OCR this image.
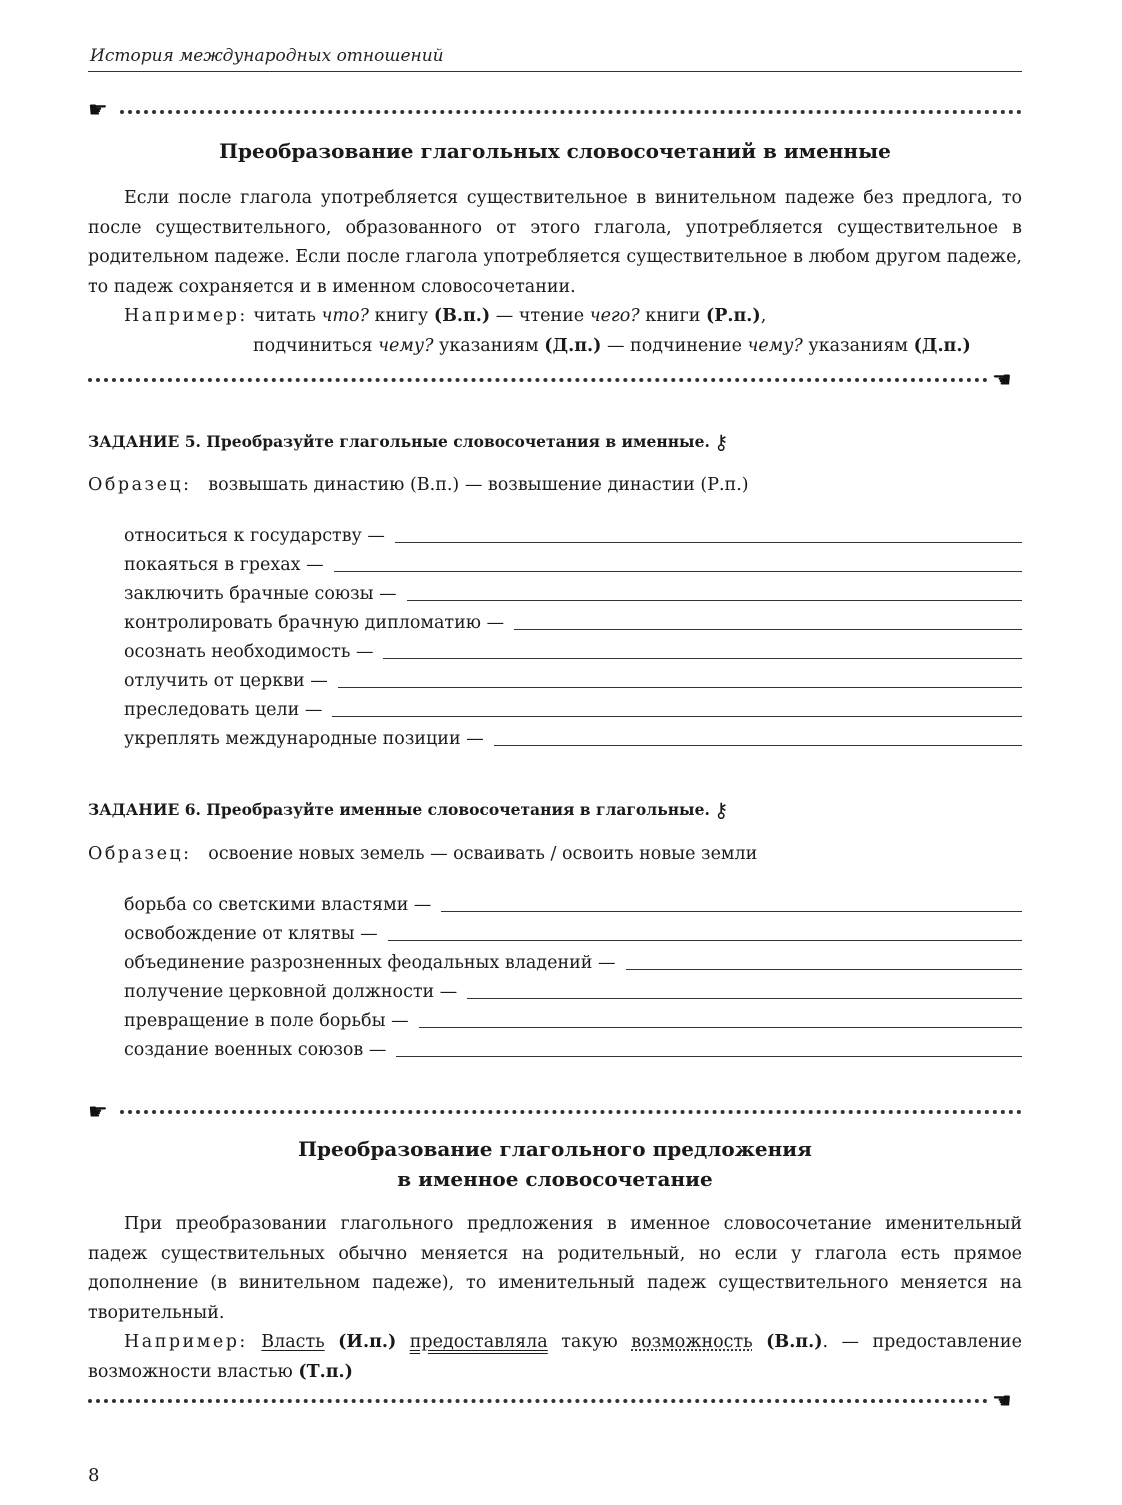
История международных отношений
☛
Преобразование глагольных словосочетаний в именные

Если после глагола употребляется существительное в винительном падеже без предлога, то после существительного, образованного от этого глагола, употребляется существительное в родительном падеже. Если после глагола употребляется существительное в любом другом падеже, то падеж сохраняется и в именном словосочетании.

Например: читать что? книгу (В.п.) — чтение чего? книги (Р.п.),

подчиниться чему? указаниям (Д.п.) — подчинение чему? указаниям (Д.п.)
☛
ЗАДАНИЕ 5. Преобразуйте глагольные словосочетания в именные. ⚷
Образец: возвышать династию (В.п.) — возвышение династии (Р.п.)
относиться к государству —
покаяться в грехах —
заключить брачные союзы —
контролировать брачную дипломатию —
осознать необходимость —
отлучить от церкви —
преследовать цели —
укреплять международные позиции —
ЗАДАНИЕ 6. Преобразуйте именные словосочетания в глагольные. ⚷
Образец: освоение новых земель — осваивать / освоить новые земли
борьба со светскими властями —
освобождение от клятвы —
объединение разрозненных феодальных владений —
получение церковной должности —
превращение в поле борьбы —
создание военных союзов —
☛
Преобразование глагольного предложения
в именное словосочетание

При преобразовании глагольного предложения в именное словосочетание именительный падеж существительных обычно меняется на родительный, но если у глагола есть прямое дополнение (в винительном падеже), то именительный падеж существительного меняется на творительный.

Например: Власть (И.п.) предоставляла такую возможность (В.п.). — предоставление возможности властью (Т.п.)

☛
8
